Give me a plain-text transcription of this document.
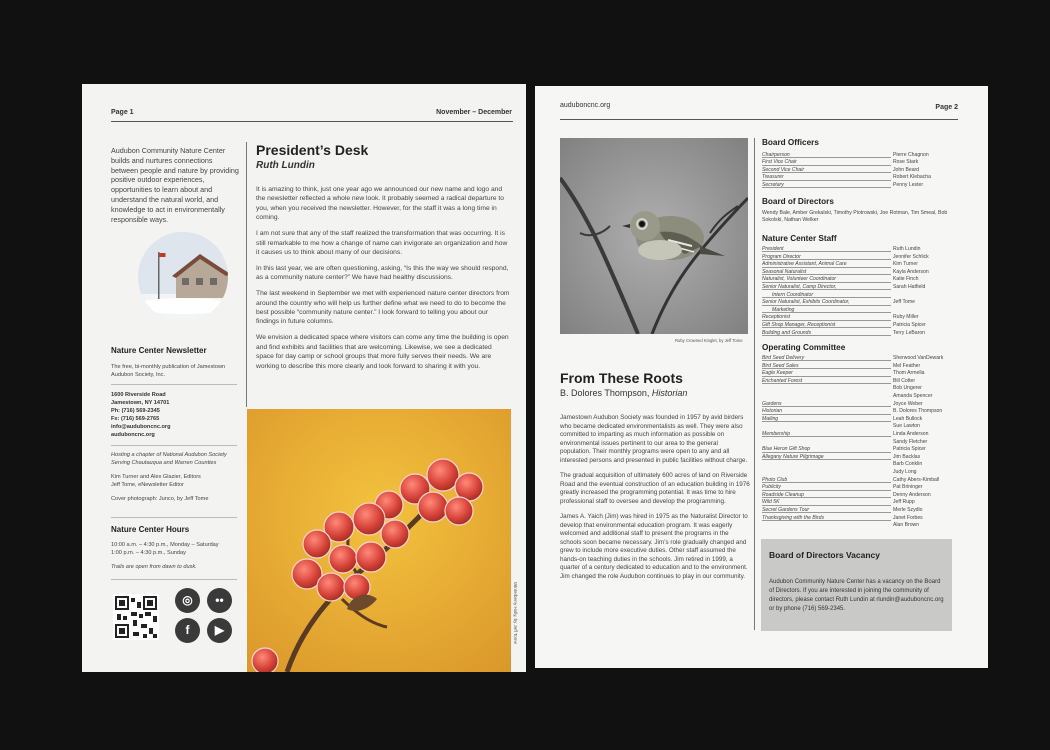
Page 1	November – December
Audubon Community Nature Center builds and nurtures connections between people and nature by providing positive outdoor experiences, opportunities to learn about and understand the natural world, and knowledge to act in environmentally responsible ways.
Nature Center Newsletter
The free, bi-monthly publication of Jamestown Audubon Society, Inc.
1600 Riverside Road
Jamestown, NY 14701
Ph: (716) 569-2345
Fx: (716) 569-2765
info@auduboncnc.org
auduboncnc.org
Hosting a chapter of National Audubon Society Serving Chautauqua and Warren Counties
Kim Turner and Alex Glazier, Editors
Jeff Tome, eNewsletter Editor
Cover photograph: Junco, by Jeff Tome
Nature Center Hours
10:00 a.m. – 4:30 p.m., Monday – Saturday
1:00 p.m. – 4:30 p.m., Sunday
Trails are open from dawn to dusk.
◎	••
f	▶
President’s Desk
Ruth Lundin

It is amazing to think, just one year ago we announced our new name and logo and the newsletter reflected a whole new look. It probably seemed a radical departure to you, when you received the newsletter. However, for the staff it was a long time in coming.

I am not sure that any of the staff realized the transformation that was occurring. It is still remarkable to me how a change of name can invigorate an organization and how it causes us to think about many of our decisions.

In this last year, we are often questioning, asking, “Is this the way we should respond, as a community nature center?” We have had healthy discussions.

The last weekend in September we met with experienced nature center directors from around the country who will help us further define what we need to do to become the best possible “community nature center.” I look forward to telling you about our findings in future columns.

We envision a dedicated space where visitors can come any time the building is open and find exhibits and facilities that are welcoming. Likewise, we see a dedicated space for day camp or school groups that more fully serves their needs. We are working to describe this more clearly and look forward to sharing it with you.

Winterberry Holly, by Jeff Tome
auduboncnc.org	Page 2
Ruby Crowned Kinglet, by Jeff Tome
From These Roots
B. Dolores Thompson, Historian

Jamestown Audubon Society was founded in 1957 by avid birders who became dedicated environmentalists as well. They were also committed to imparting as much information as possible on environmental issues pertinent to our area to the general population. Their monthly programs were open to any and all interested persons and presented in public facilities without charge.

The gradual acquisition of ultimately 600 acres of land on Riverside Road and the eventual construction of an education building in 1976 greatly increased the programming potential. It was time to hire professional staff to oversee and develop the programming.

James A. Yaich (Jim) was hired in 1975 as the Naturalist Director to develop that environmental education program. It was eagerly welcomed and additional staff to present the programs in the schools soon became necessary. Jim’s role gradually changed and grew to include more executive duties. Other staff assumed the hands-on teaching duties in the schools. Jim retired in 1999, a quarter of a century dedicated to education and to the environment. Jim changed the role Audubon continues to play in our community.

Board Officers
Chairperson	Pierre Chagnon
First Vice Chair	Rose Stark
Second Vice Chair	John Beard
Treasurer	Robert Klebacha
Secretary	Penny Lester
Board of Directors
Wendy Bale, Amber Grekalski, Timothy Piotrowski, Joe Rotman, Tim Smeal, Bob Sokolski, Nathan Welker
Nature Center Staff
President	Ruth Lundin
Program Director	Jennifer Schlick
Administrative Assistant, Animal Care	Kim Turner
Seasonal Naturalist	Kayla Anderson
Naturalist, Volunteer Coordinator	Katie Finch
Senior Naturalist, Camp Director,	Sarah Hatfield
Intern Coordinator
Senior Naturalist, Exhibits Coordinator,	Jeff Tome
Marketing
Receptionist	Ruby Miller
Gift Shop Manager, Receptionist	Patricia Spicer
Building and Grounds	Terry LeBaron
Operating Committee
Bird Seed Delivery	Sherwood VanDewark
Bird Seed Sales	Mel Feather
Eagle Keeper	Thom Armella
Enchanted Forest	Bill Cotter
Bob Ungerer
Amanda Spencer
Gardens	Joyce Weber
Historian	B. Dolores Thompson
Mailing	Leah Bullock
Sue Lawton
Membership	Linda Anderson
Sandy Fletcher
Blue Heron Gift Shop	Patricia Spicer
Allegany Nature Pilgrimage	Jim Backlas
Barb Conklin
Judy Long
Photo Club	Cathy Abers-Kimball
Publicity	Pat Brininger
Roadside Cleanup	Denny Anderson
Wild 5K	Jeff Rupp
Secret Gardens Tour	Merle Szydlo
Thanksgiving with the Birds	Janet Forbes
Alan Brown
Board of Directors Vacancy
Audubon Community Nature Center has a vacancy on the Board of Directors. If you are interested in joining the community of directors, please contact Ruth Lundin at rlundin@auduboncnc.org or by phone (716) 569-2345.
